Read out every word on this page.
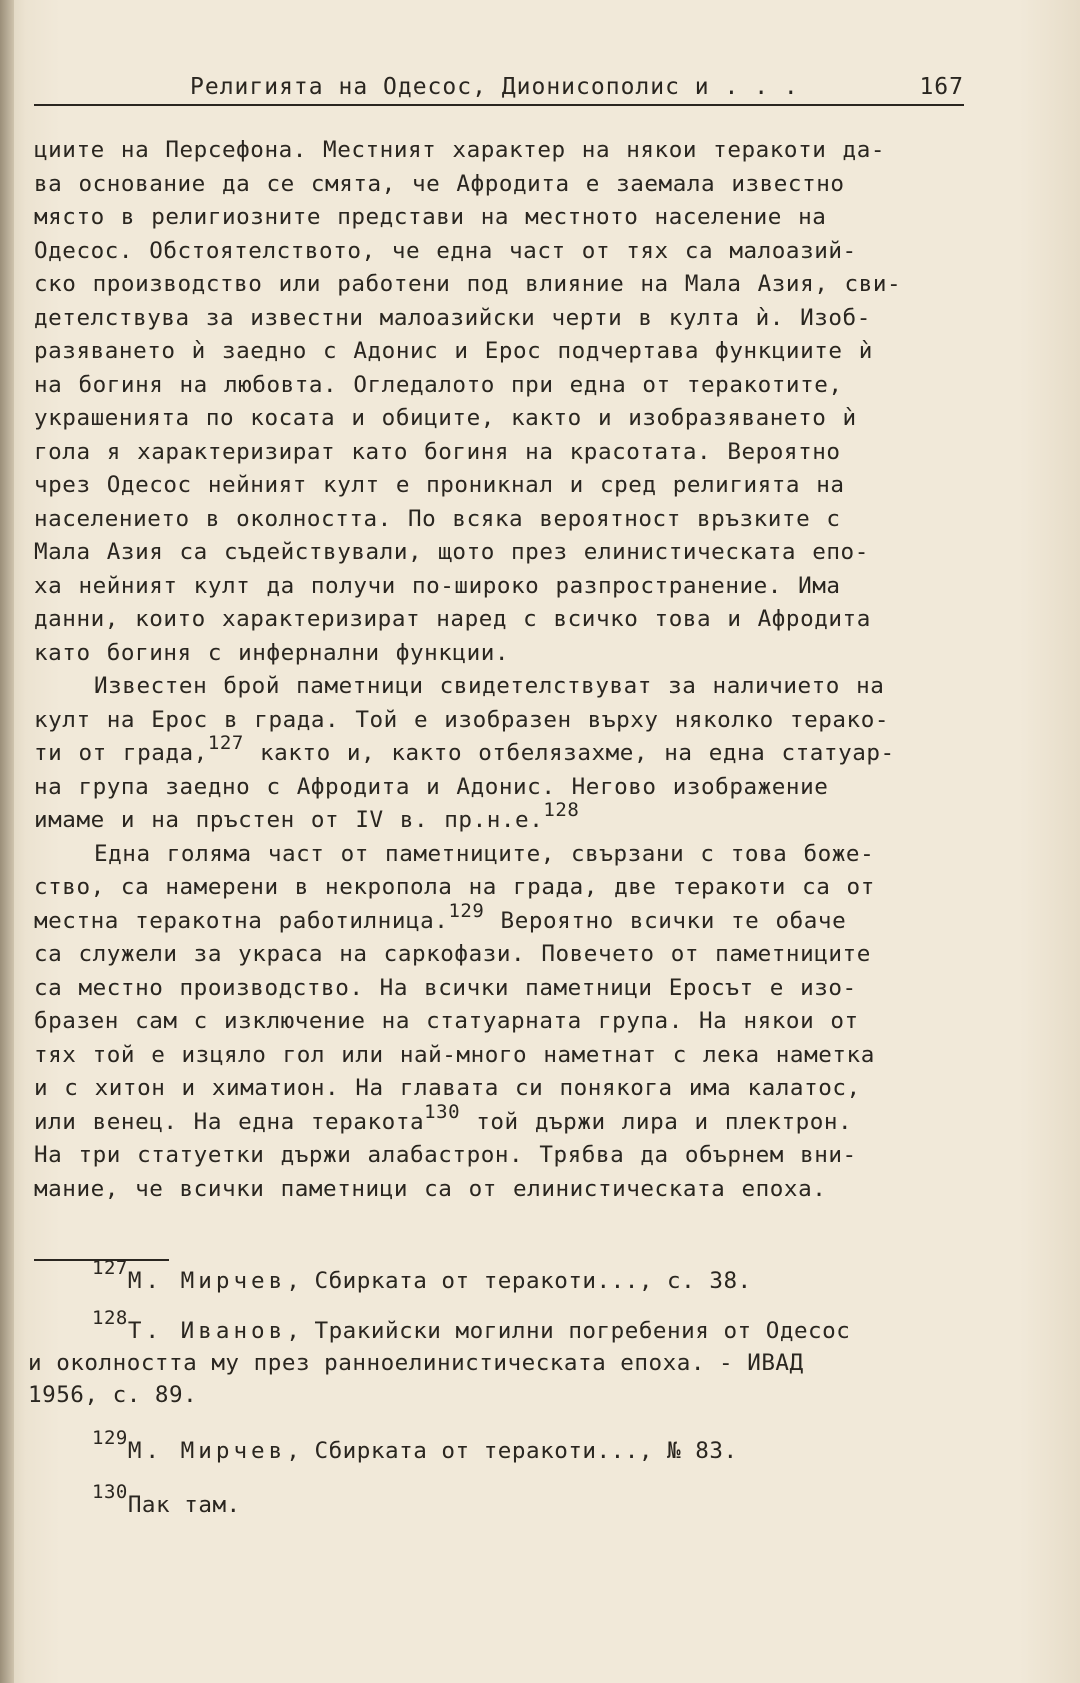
Религията на Одесос, Дионисополис и . . .	167
циите на Персефона. Местният характер на някои теракоти да-
ва основание да се смята, че Афродита е заемала известно
място в религиозните представи на местното население на
Одесос. Обстоятелството, че една част от тях са малоазий-
ско производство или работени под влияние на Мала Азия, сви-
детелствува за известни малоазийски черти в култа ѝ. Изоб-
разяването ѝ заедно с Адонис и Ерос подчертава функциите ѝ
на богиня на любовта. Огледалото при една от теракотите,
украшенията по косата и обиците, както и изобразяването ѝ
гола я характеризират като богиня на красотата. Вероятно
чрез Одесос нейният култ е проникнал и сред религията на
населението в околността. По всяка вероятност връзките с
Мала Азия са съдействували, щото през елинистическата епо-
ха нейният култ да получи по-широко разпространение. Има
данни, които характеризират наред с всичко това и Афродита
като богиня с инфернални функции.
Известен брой паметници свидетелствуват за наличието на
култ на Ерос в града. Той е изобразен върху няколко терако-
ти от града,$^{127}$ както и, както отбелязахме, на една статуар-
на група заедно с Афродита и Адонис. Негово изображение
имаме и на пръстен от IV в. пр.н.е.$^{128}$
Една голяма част от паметниците, свързани с това боже-
ство, са намерени в некропола на града, две теракоти са от
местна теракотна работилница.$^{129}$ Вероятно всички те обаче
са служели за украса на саркофази. Повечето от паметниците
са местно производство. На всички паметници Еросът е изо-
бразен сам с изключение на статуарната група. На някои от
тях той е изцяло гол или най-много наметнат с лека наметка
и с хитон и химатион. На главата си понякога има калатос,
или венец. На една теракота$^{130}$ той държи лира и плектрон.
На три статуетки държи алабастрон. Трябва да обърнем вни-
мание, че всички паметници са от елинистическата епоха.
$^{127}$М. Мирчев, Сбирката от теракоти..., с. 38.
$^{128}$Т. Иванов, Тракийски могилни погребения от Одесос
и околността му през ранноелинистическата епоха. - ИВАД
1956, с. 89.
$^{129}$М. Мирчев, Сбирката от теракоти..., № 83.
$^{130}$Пак там.
